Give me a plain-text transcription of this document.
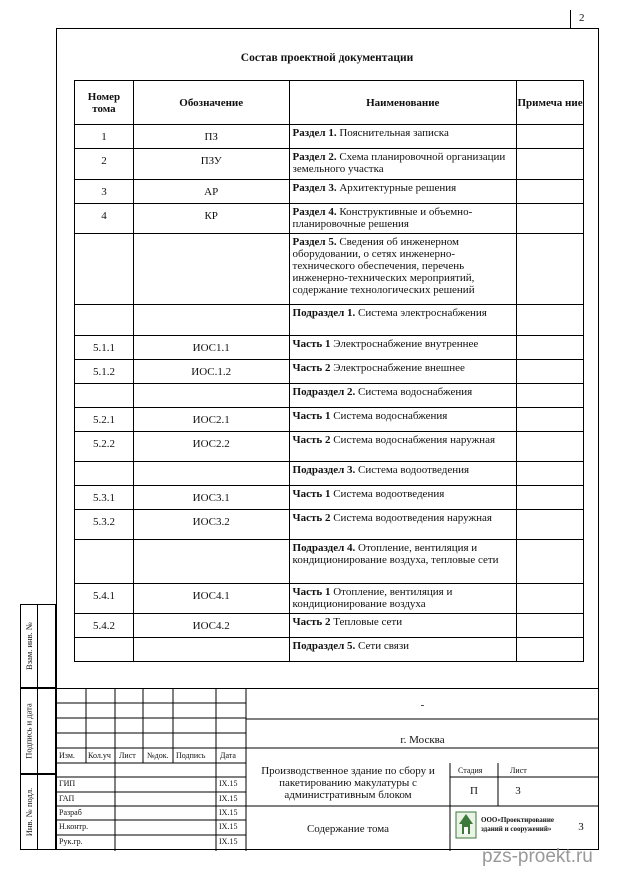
2
Состав проектной документации
Номер тома	Обозначение	Наименование	Примеча ние
1	ПЗ	Раздел 1. Пояснительная записка	
2	ПЗУ	Раздел 2. Схема планировочной организации земельного участка	
3	АР	Раздел 3. Архитектурные решения	
4	КР	Раздел 4. Конструктивные и объемно-планировочные решения	
		Раздел 5. Сведения об инженерном оборудовании, о сетях инженерно-технического обеспечения, перечень инженерно-технических мероприятий, содержание технологических решений	
		Подраздел 1. Система электроснабжения	
5.1.1	ИОС1.1	Часть 1 Электроснабжение внутреннее	
5.1.2	ИОС.1.2	Часть 2 Электроснабжение внешнее	
		Подраздел 2. Система водоснабжения	
5.2.1	ИОС2.1	Часть 1 Система водоснабжения	
5.2.2	ИОС2.2	Часть 2 Система водоснабжения наружная	
		Подраздел 3. Система водоотведения	
5.3.1	ИОС3.1	Часть 1 Система водоотведения	
5.3.2	ИОС3.2	Часть 2 Система водоотведения наружная	
		Подраздел 4. Отопление, вентиляция и кондиционирование воздуха, тепловые сети	
5.4.1	ИОС4.1	Часть 1 Отопление, вентиляция и кондиционирование воздуха	
5.4.2	ИОС4.2	Часть 2 Тепловые сети	
		Подраздел 5. Сети связи	
Взам. инв. №
Подпись и дата
Инв. № подл.
Изм. Кол.уч Лист №док. Подпись Дата
ГИП	IX.15
ГАП	IX.15
Разраб	IX.15
Н.контр.	IX.15
Рук.гр.	IX.15
-
г. Москва
Производственное здание по сбору и пакетированию макулатуры с административным блоком
Стадия	Лист
П	3
Содержание тома
ООО«Проектирование зданий и сооружений»	3
pzs-proekt.ru
